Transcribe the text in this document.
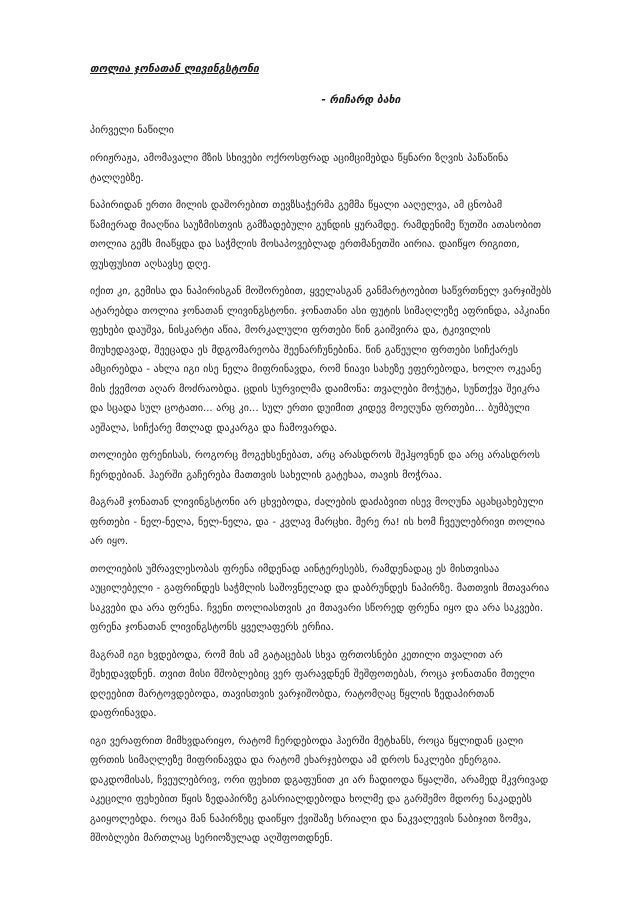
თოლია ჯონათან ლივინგსტონი
- რიჩარდ ბახი
პირველი ნაწილი

ირიჟრაჟა, ამომავალი მზის სხივები ოქროსფრად აციმციმებდა წყნარი ზღვის პაწაწინა ტალღებზე.

ნაპირიდან ერთი მილის დაშორებით თევზსაჭერმა გემმა წყალი ააღელვა, ამ ცნობამ წამიერად მიაღწია საუზმისთვის გამზადებული გუნდის ყურამდე. რამდენიმე წუთში ათასობით თოლია გემს მიაწყდა და საჭმლის მოსაპოვებლად ერთმანეთში აირია. დაიწყო რიგითი, ფუსფუსით აღსავსე დღე.

იქით კი, გემისა და ნაპირისგან მოშორებით, ყველასგან განმარტოებით საწვრთნელ ვარჯიშებს ატარებდა თოლია ჯონათან ლივინგსტონი. ჯონათანი ასი ფუტის სიმაღლეზე აფრინდა, აპკიანი ფეხები დაუშვა, ნისკარტი აწია, მორკალული ფრთები წინ გაიშვირა და, ტკივილის მიუხედავად, შეეცადა ეს მდგომარეობა შეენარჩუნებინა. წინ გაწეული ფრთები სიჩქარეს ამცირებდა - ახლა იგი ისე ნელა მიფრინავდა, რომ ნიავი სახეზე ეფერებოდა, ხოლო ოკეანე მის ქვემოთ აღარ მოძრაობდა. ცდის სურვილმა დაიმონა: თვალები მოჭუტა, სუნთქვა შეიკრა და სცადა სულ ცოტათი... არც კი... სულ ერთი დუიმით კიდევ მოეღუნა ფრთები... ბუმბული აეშალა, სიჩქარე მთლად დაკარგა და ჩამოვარდა.

თოლიები ფრენისას, როგორც მოგეხსენებათ, არც არასდროს შეჰყოვნენ და არც არასდროს ჩერდებიან. ჰაერში გაჩერება მათთვის სახელის გატეხაა, თავის მოჭრაა.

მაგრამ ჯონათან ლივინგსტონი არ ცხვებოდა, ძალების დაძაბვით ისევ მოღუნა აცახცახებული ფრთები - ნელ-ნელა, ნელ-ნელა, და - კვლავ მარცხი. მერე რა! ის ხომ ჩვეულებრივი თოლია არ იყო.

თოლიების უმრავლესობას ფრენა იმდენად აინტერესებს, რამდენადაც ეს მისთვისაა აუცილებელი - გაფრინდეს საჭმლის საშოვნელად და დაბრუნდეს ნაპირზე. მათთვის მთავარია საკვები და არა ფრენა. ჩვენი თოლიასთვის კი მთავარი სწორედ ფრენა იყო და არა საკვები. ფრენა ჯონათან ლივინგსტონს ყველაფერს ერჩია.

მაგრამ იგი ხვდებოდა, რომ მის ამ გატაცებას სხვა ფრთოსნები კეთილი თვალით არ შეხედავდნენ. თვით მისი მშობლებიც ვერ ფარავდნენ შეშფოთებას, როცა ჯონათანი მთელი დღეებით მარტოვდებოდა, თავისთვის ვარჯიშობდა, რატომღაც წყლის ზედაპირთან დაფრინავდა.

იგი ვერაფრით მიმხვდარიყო, რატომ ჩერდებოდა ჰაერში მეტხანს, როცა წყლიდან ცალი ფრთის სიმაღლეზე მიფრინავდა და რატომ ეხარჯებოდა ამ დროს ნაკლები ენერგია. დაკდომისას, ჩვეულებრივ, ორი ფეხით დგაფუნით კი არ ჩადიოდა წყალში, არამედ მკვრივად აკეცილი ფეხებით წყის ზედაპირზე გასრიალდებოდა ხოლმე და გარშემო მდორე ნაკადებს გაიყოლებდა. როცა მან ნაპირზეც დაიწყო ქვიშაზე სრიალი და ნაკვალევის ნაბიჯით ზომვა, მშობლები მართლაც სერიოზულად აღშფოთდნენ.
